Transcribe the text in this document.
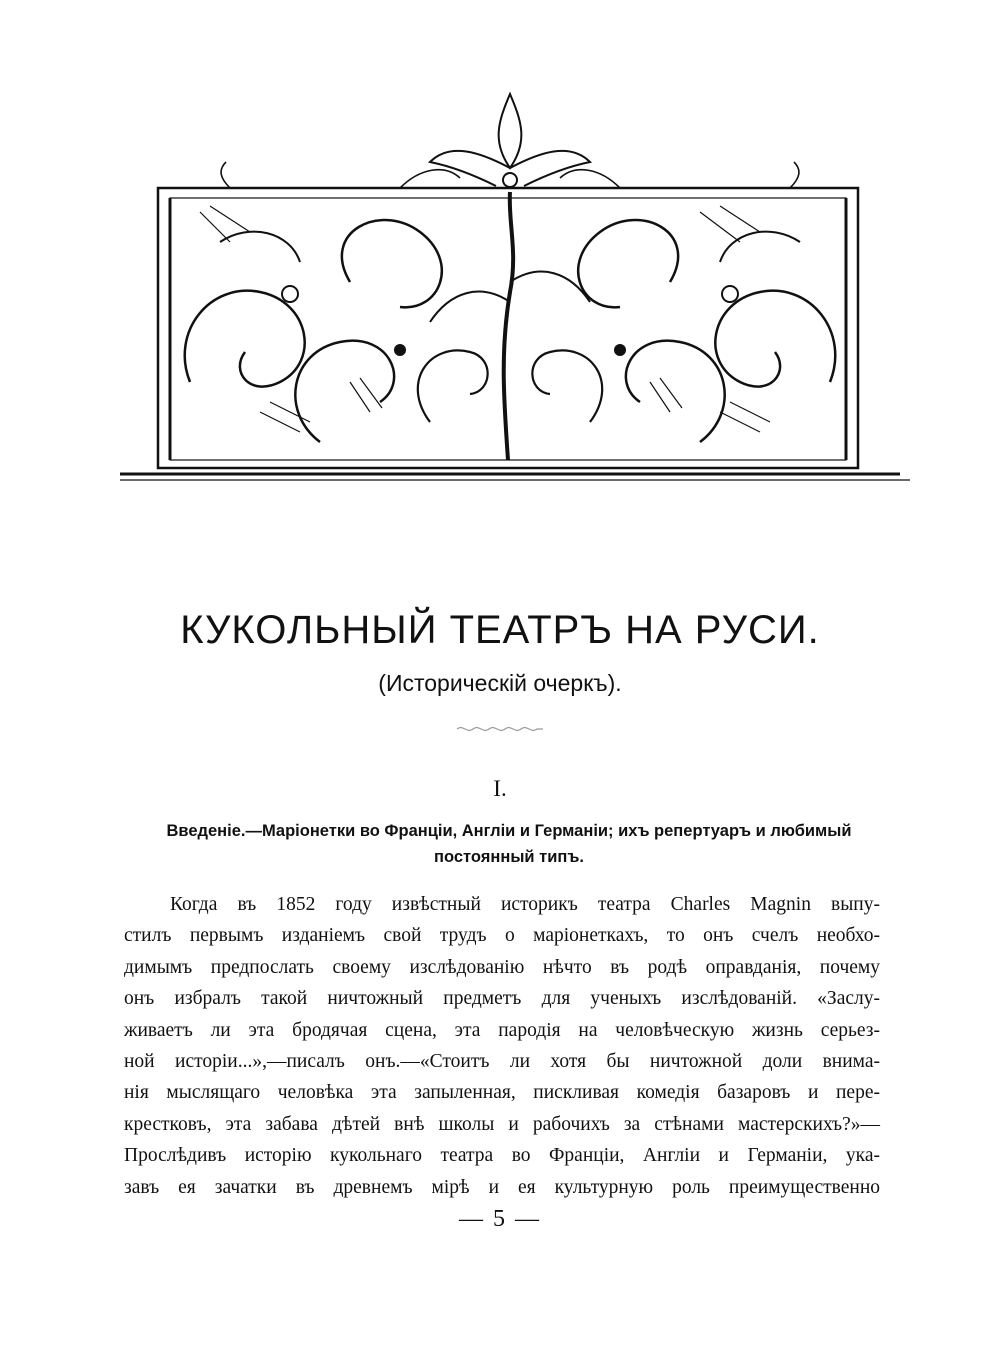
КУКОЛЬНЫЙ ТЕАТРЪ НА РУСИ.
(Историческій очеркъ).
I.
Введеніе.—Маріонетки во Франціи, Англіи и Германіи; ихъ репертуаръ и любимый постоянный типъ.
Когда въ 1852 году извѣстный историкъ театра Charles Magnin выпу-
стилъ первымъ изданіемъ свой трудъ о маріонеткахъ, то онъ счелъ необхо-
димымъ предпослать своему изслѣдованію нѣчто въ родѣ оправданія, почему
онъ избралъ такой ничтожный предметъ для ученыхъ изслѣдованій. «Заслу-
живаетъ ли эта бродячая сцена, эта пародія на человѣческую жизнь серьез-
ной исторіи...»,—писалъ онъ.—«Стоитъ ли хотя бы ничтожной доли внима-
нія мыслящаго человѣка эта запыленная, пискливая комедія базаровъ и пере-
крестковъ, эта забава дѣтей внѣ школы и рабочихъ за стѣнами мастерскихъ?»—
Прослѣдивъ исторію кукольнаго театра во Франціи, Англіи и Германіи, ука-
завъ ея зачатки въ древнемъ мірѣ и ея культурную роль преимущественно
— 5 —
